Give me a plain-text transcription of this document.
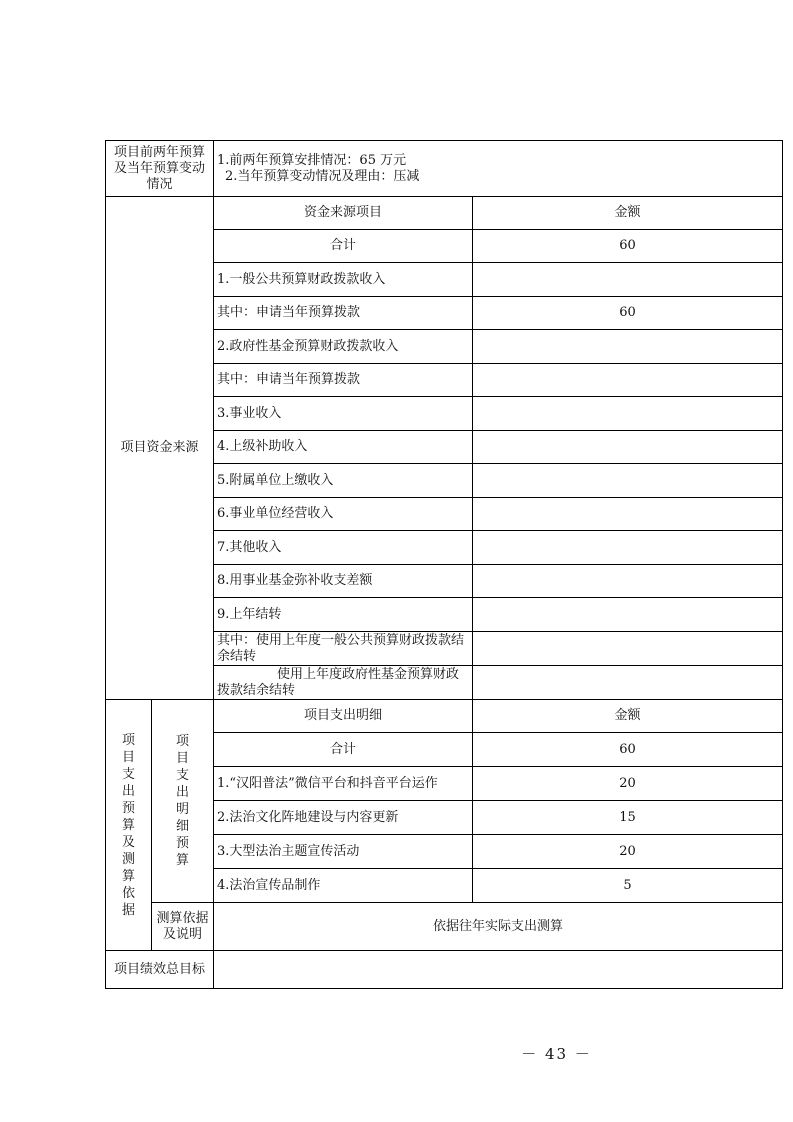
项目前两年预算及当年预算变动情况		1.前两年预算安排情况：65 万元
2.当年预算变动情况及理由：压减	

项目资金来源		资金来源项目	金额
		合计	60
		1.一般公共预算财政拨款收入	
		其中：申请当年预算拨款	60
		2.政府性基金预算财政拨款收入	
		其中：申请当年预算拨款	
		3.事业收入	
		4.上级补助收入	
		5.附属单位上缴收入	
		6.事业单位经营收入	
		7.其他收入	
		8.用事业基金弥补收支差额	
		9.上年结转	
		其中：使用上年度一般公共预算财政拨款结余结转	
		使用上年度政府性基金预算财政拨款结余结转	

项目支出预算及测算依据	项目支出明细预算	项目支出明细	金额
		合计	60
		1.“汉阳普法”微信平台和抖音平台运作	20
		2.法治文化阵地建设与内容更新	15
		3.大型法治主题宣传活动	20
		4.法治宣传品制作	5
	测算依据及说明	依据往年实际支出测算	
项目绩效总目标			
－ 43 －
